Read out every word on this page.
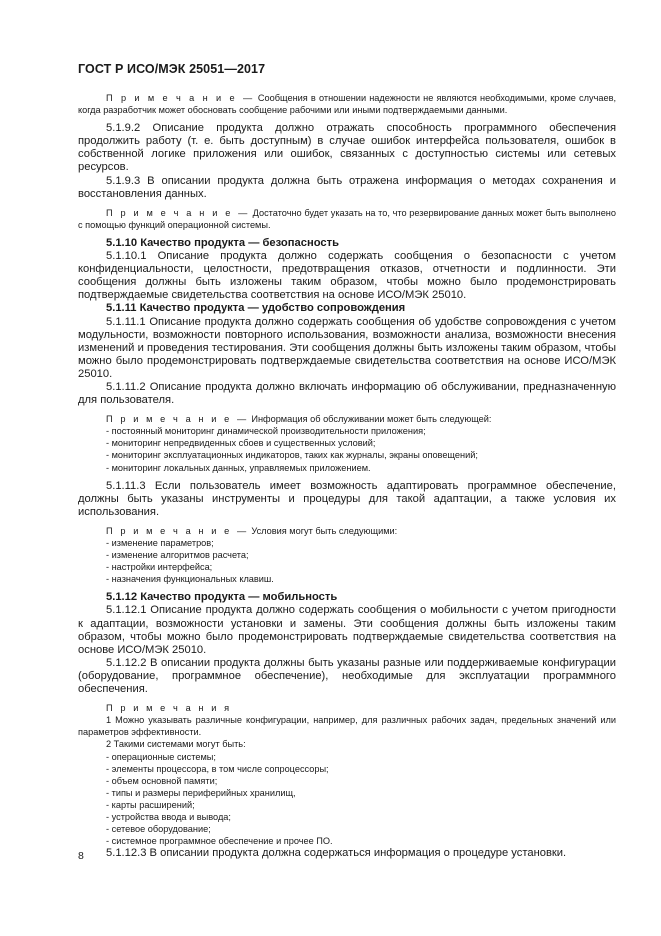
ГОСТ Р ИСО/МЭК 25051—2017

П р и м е ч а н и е — Сообщения в отношении надежности не являются необходимыми, кроме случаев, когда разработчик может обосновать сообщение рабочими или иными подтверждаемыми данными.

5.1.9.2 Описание продукта должно отражать способность программного обеспечения продолжить работу (т. е. быть доступным) в случае ошибок интерфейса пользователя, ошибок в собственной логике приложения или ошибок, связанных с доступностью системы или сетевых ресурсов.

5.1.9.3 В описании продукта должна быть отражена информация о методах сохранения и восстановления данных.

П р и м е ч а н и е — Достаточно будет указать на то, что резервирование данных может быть выполнено с помощью функций операционной системы.

5.1.10 Качество продукта — безопасность

5.1.10.1 Описание продукта должно содержать сообщения о безопасности с учетом конфиденциальности, целостности, предотвращения отказов, отчетности и подлинности. Эти сообщения должны быть изложены таким образом, чтобы можно было продемонстрировать подтверждаемые свидетельства соответствия на основе ИСО/МЭК 25010.

5.1.11 Качество продукта — удобство сопровождения

5.1.11.1 Описание продукта должно содержать сообщения об удобстве сопровождения с учетом модульности, возможности повторного использования, возможности анализа, возможности внесения изменений и проведения тестирования. Эти сообщения должны быть изложены таким образом, чтобы можно было продемонстрировать подтверждаемые свидетельства соответствия на основе ИСО/МЭК 25010.

5.1.11.2 Описание продукта должно включать информацию об обслуживании, предназначенную для пользователя.

П р и м е ч а н и е — Информация об обслуживании может быть следующей:

- постоянный мониторинг динамической производительности приложения;
- мониторинг непредвиденных сбоев и существенных условий;
- мониторинг эксплуатационных индикаторов, таких как журналы, экраны оповещений;
- мониторинг локальных данных, управляемых приложением.

5.1.11.3 Если пользователь имеет возможность адаптировать программное обеспечение, должны быть указаны инструменты и процедуры для такой адаптации, а также условия их использования.

П р и м е ч а н и е — Условия могут быть следующими:

- изменение параметров;
- изменение алгоритмов расчета;
- настройки интерфейса;
- назначения функциональных клавиш.

5.1.12 Качество продукта — мобильность

5.1.12.1 Описание продукта должно содержать сообщения о мобильности с учетом пригодности к адаптации, возможности установки и замены. Эти сообщения должны быть изложены таким образом, чтобы можно было продемонстрировать подтверждаемые свидетельства соответствия на основе ИСО/МЭК 25010.

5.1.12.2 В описании продукта должны быть указаны разные или поддерживаемые конфигурации (оборудование, программное обеспечение), необходимые для эксплуатации программного обеспечения.

П р и м е ч а н и я

1 Можно указывать различные конфигурации, например, для различных рабочих задач, предельных значений или параметров эффективности.

2 Такими системами могут быть:

- операционные системы;
- элементы процессора, в том числе сопроцессоры;
- объем основной памяти;
- типы и размеры периферийных хранилищ,
- карты расширений;
- устройства ввода и вывода;
- сетевое оборудование;
- системное программное обеспечение и прочее ПО.

5.1.12.3 В описании продукта должна содержаться информация о процедуре установки.

8
